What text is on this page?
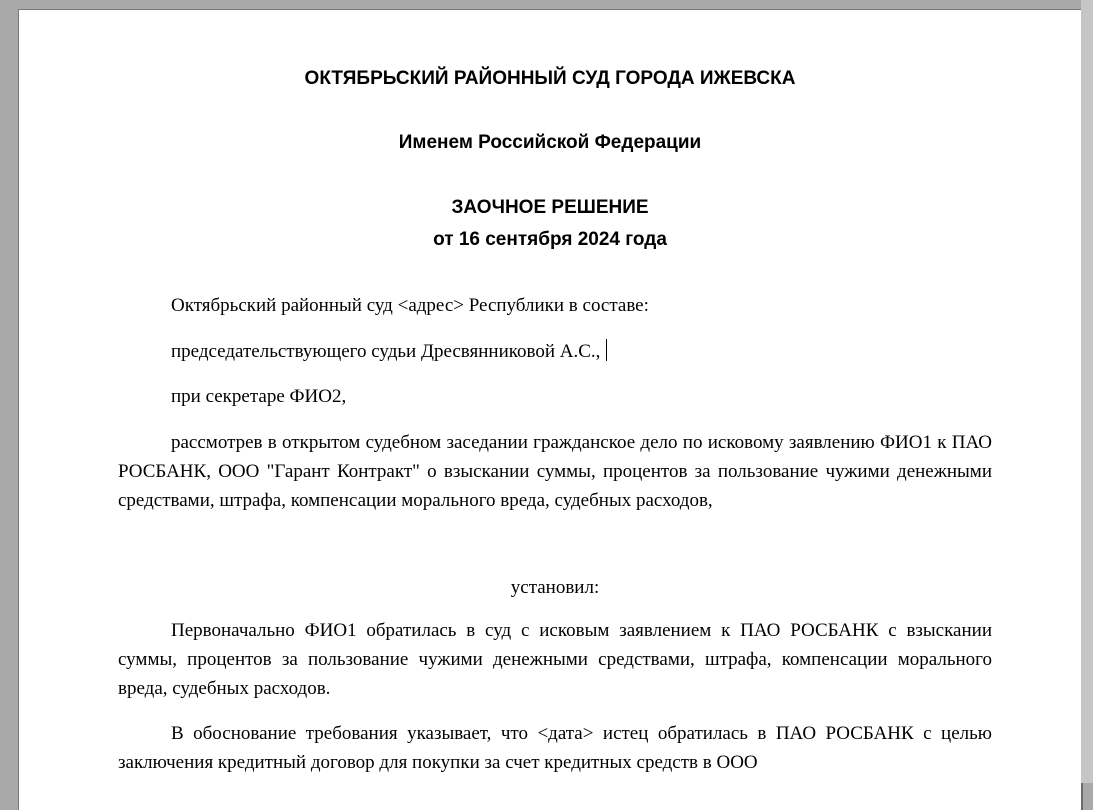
ОКТЯБРЬСКИЙ РАЙОННЫЙ СУД ГОРОДА ИЖЕВСКА
Именем Российской Федерации
ЗАОЧНОЕ РЕШЕНИЕ
от 16 сентября 2024 года

Октябрьский районный суд <адрес> Республики в составе:

председательствующего судьи Дресвянниковой А.С.,

при секретаре ФИО2,

рассмотрев в открытом судебном заседании гражданское дело по исковому заявлению ФИО1 к ПАО РОСБАНК, ООО "Гарант Контракт" о взыскании суммы, процентов за пользование чужими денежными средствами, штрафа, компенсации морального вреда, судебных расходов,

установил:

Первоначально ФИО1 обратилась в суд с исковым заявлением к ПАО РОСБАНК с взыскании суммы, процентов за пользование чужими денежными средствами, штрафа, компенсации морального вреда, судебных расходов.

В обоснование требования указывает, что <дата> истец обратилась в ПАО РОСБАНК с целью заключения кредитный договор для покупки за счет кредитных средств в ООО
